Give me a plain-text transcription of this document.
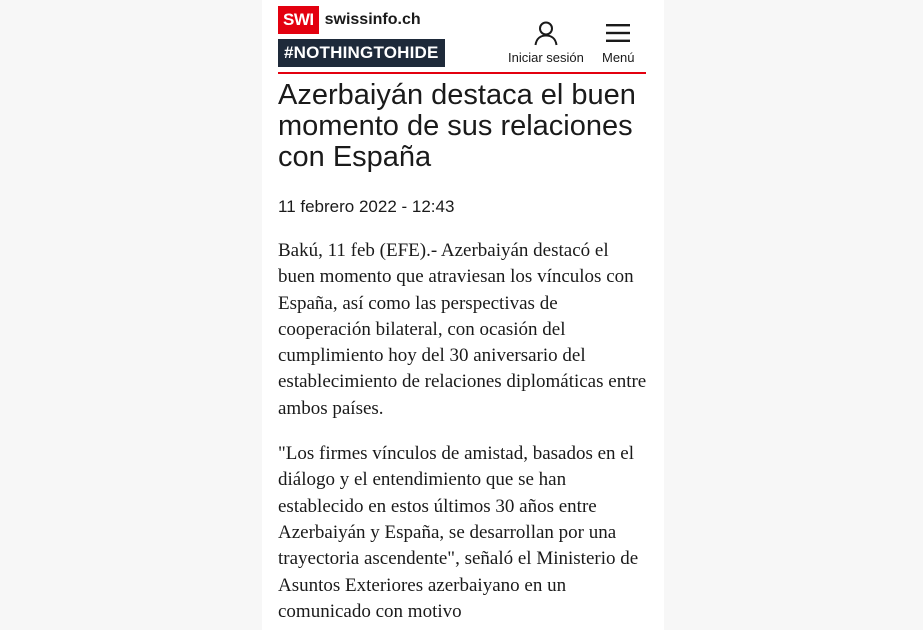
SWI swissinfo.ch
#NOTHINGTOHIDE	Iniciar sesión Menú
Azerbaiyán destaca el buen momento de sus relaciones con España
11 febrero 2022 - 12:43

Bakú, 11 feb (EFE).- Azerbaiyán destacó el buen momento que atraviesan los vínculos con España, así como las perspectivas de cooperación bilateral, con ocasión del cumplimiento hoy del 30 aniversario del establecimiento de relaciones diplomáticas entre ambos países.

"Los firmes vínculos de amistad, basados en el diálogo y el entendimiento que se han establecido en estos últimos 30 años entre Azerbaiyán y España, se desarrollan por una trayectoria ascendente", señaló el Ministerio de Asuntos Exteriores azerbaiyano en un comunicado con motivo
